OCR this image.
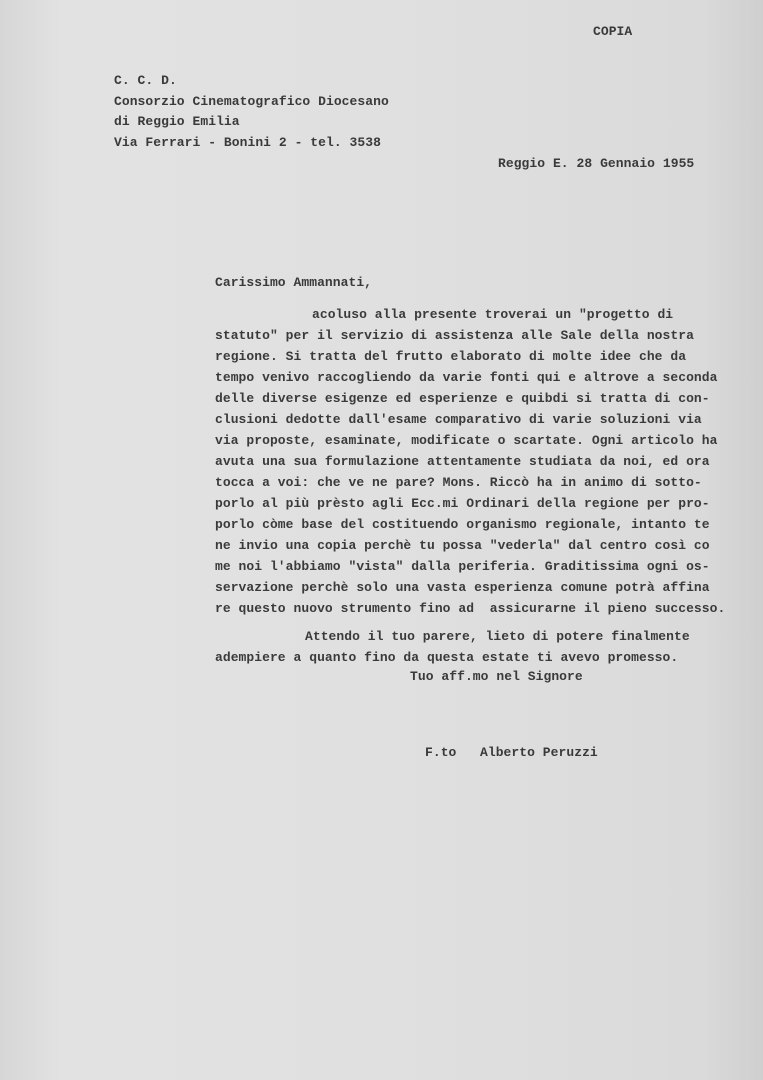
COPIA
C. C. D.
Consorzio Cinematografico Diocesano
di Reggio Emilia
Via Ferrari - Bonini 2 - tel. 3538
Reggio E. 28 Gennaio 1955
Carissimo Ammannati,
acoluso alla presente troverai un "progetto di
statuto" per il servizio di assistenza alle Sale della nostra
regione. Si tratta del frutto elaborato di molte idee che da
tempo venivo raccogliendo da varie fonti qui e altrove a seconda
delle diverse esigenze ed esperienze e quibdi si tratta di con-
clusioni dedotte dall'esame comparativo di varie soluzioni via
via proposte, esaminate, modificate o scartate. Ogni articolo ha
avuta una sua formulazione attentamente studiata da noi, ed ora
tocca a voi: che ve ne pare? Mons. Riccò ha in animo di sotto-
porlo al più prèsto agli Ecc.mi Ordinari della regione per pro-
porlo còme base del costituendo organismo regionale, intanto te
ne invio una copia perchè tu possa "vederla" dal centro così co
me noi l'abbiamo "vista" dalla periferia. Graditissima ogni os-
servazione perchè solo una vasta esperienza comune potrà affina
re questo nuovo strumento fino ad  assicurarne il pieno successo.
Attendo il tuo parere, lieto di potere finalmente
adempiere a quanto fino da questa estate ti avevo promesso.
Tuo aff.mo nel Signore
F.to Alberto Peruzzi
